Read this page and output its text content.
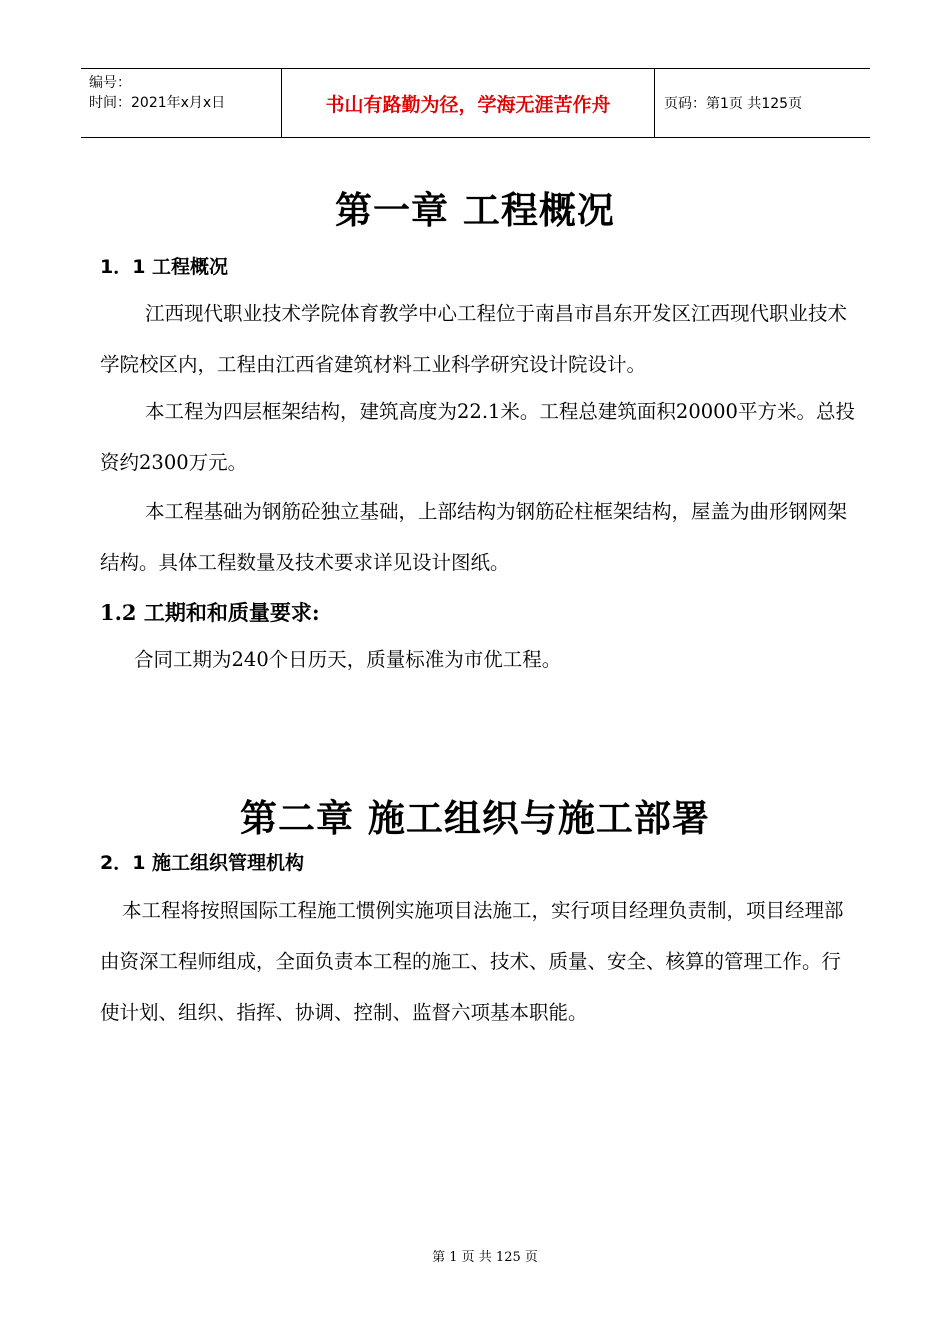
编号：
时间：2021年x月x日	书山有路勤为径，学海无涯苦作舟	页码：第1页 共125页
第一章 工程概况
1．1 工程概况
江西现代职业技术学院体育教学中心工程位于南昌市昌东开发区江西现代职业技术学院校区内，工程由江西省建筑材料工业科学研究设计院设计。
本工程为四层框架结构，建筑高度为22.1米。工程总建筑面积20000平方米。总投资约2300万元。
本工程基础为钢筋砼独立基础，上部结构为钢筋砼柱框架结构，屋盖为曲形钢网架结构。具体工程数量及技术要求详见设计图纸。
1.2 工期和和质量要求:
合同工期为240个日历天，质量标准为市优工程。
第二章 施工组织与施工部署
2．1 施工组织管理机构
本工程将按照国际工程施工惯例实施项目法施工，实行项目经理负责制，项目经理部由资深工程师组成，全面负责本工程的施工、技术、质量、安全、核算的管理工作。行使计划、组织、指挥、协调、控制、监督六项基本职能。
第 1 页 共 125 页
